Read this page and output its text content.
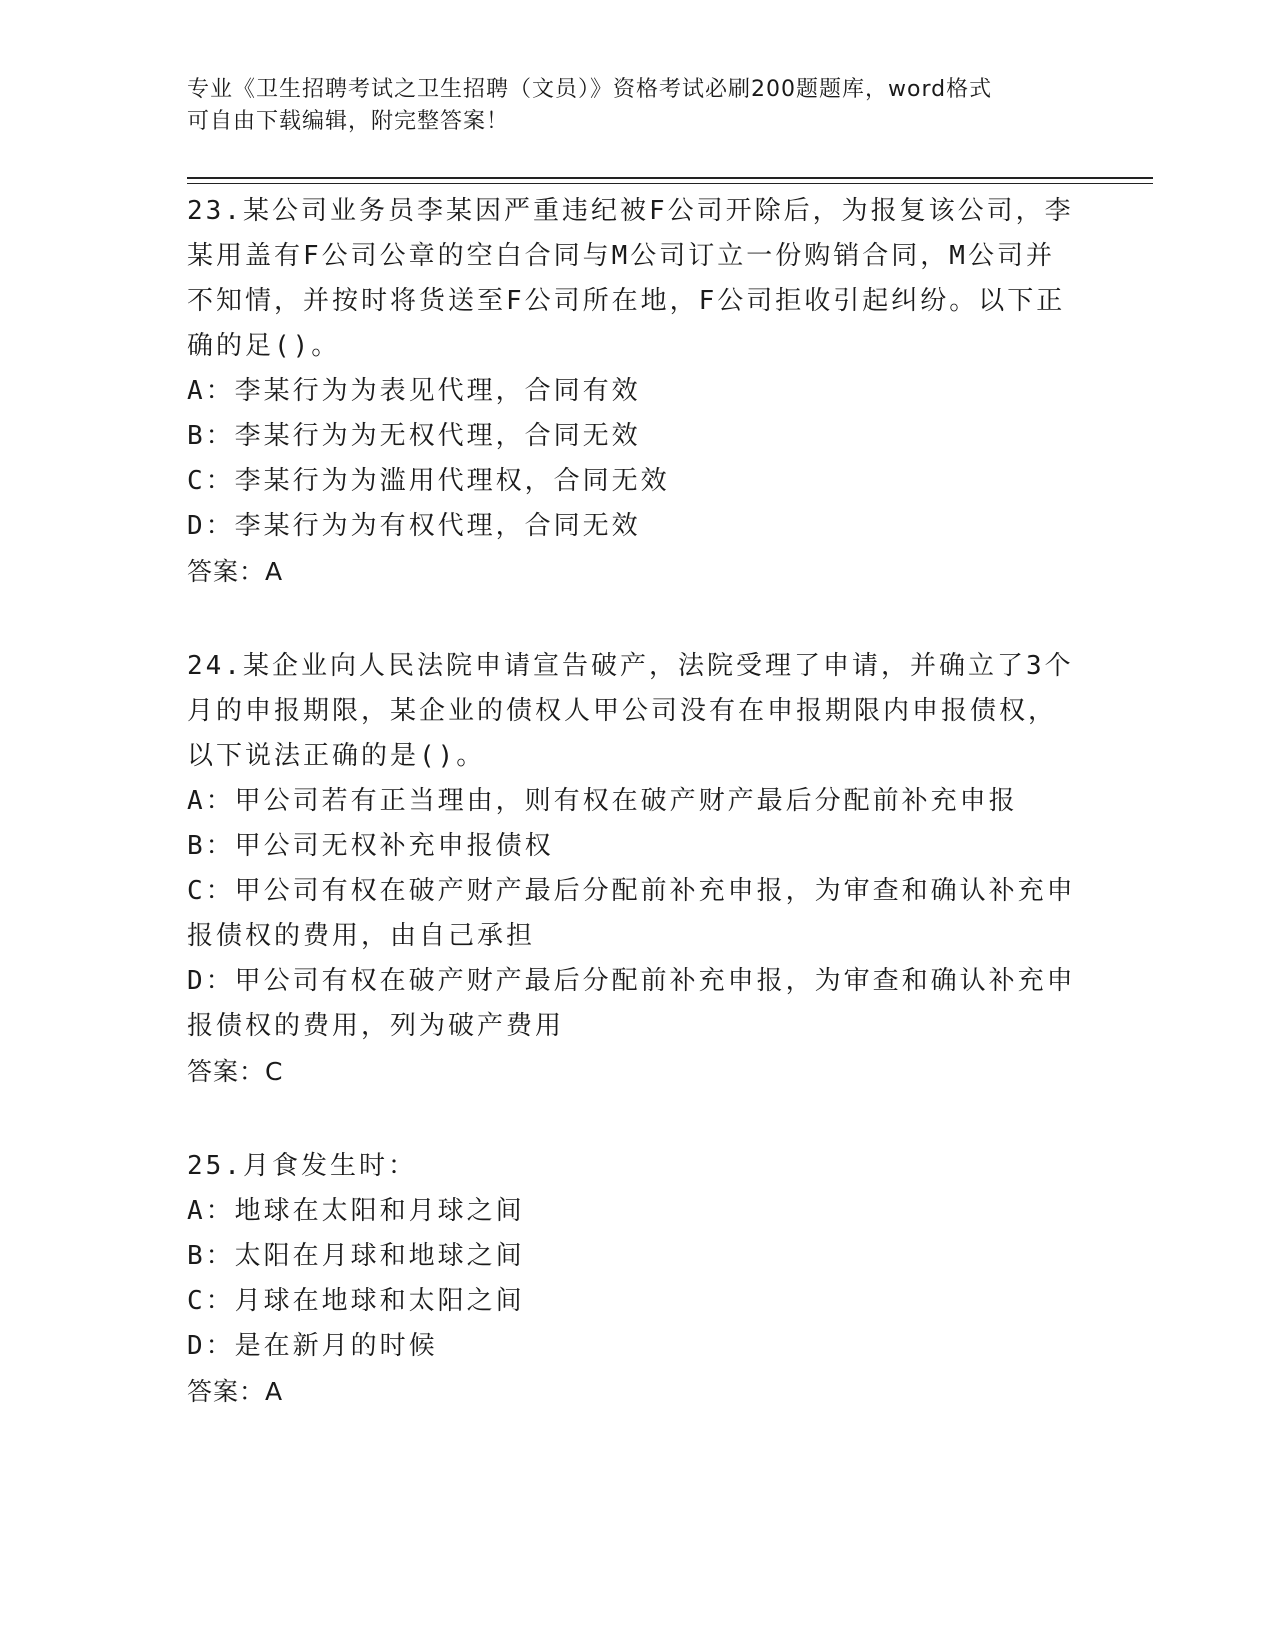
专业《卫生招聘考试之卫生招聘（文员）》资格考试必刷200题题库，word格式
可自由下载编辑，附完整答案！
23.某公司业务员李某因严重违纪被F公司开除后，为报复该公司，李
某用盖有F公司公章的空白合同与M公司订立一份购销合同，M公司并
不知情，并按时将货送至F公司所在地，F公司拒收引起纠纷。以下正
确的足()。
A：李某行为为表见代理，合同有效
B：李某行为为无权代理，合同无效
C：李某行为为滥用代理权，合同无效
D：李某行为为有权代理，合同无效
答案：A
24.某企业向人民法院申请宣告破产，法院受理了申请，并确立了3个
月的申报期限，某企业的债权人甲公司没有在申报期限内申报债权，
以下说法正确的是()。
A：甲公司若有正当理由，则有权在破产财产最后分配前补充申报
B：甲公司无权补充申报债权
C：甲公司有权在破产财产最后分配前补充申报，为审查和确认补充申
报债权的费用，由自己承担
D：甲公司有权在破产财产最后分配前补充申报，为审查和确认补充申
报债权的费用，列为破产费用
答案：C
25.月食发生时：
A：地球在太阳和月球之间
B：太阳在月球和地球之间
C：月球在地球和太阳之间
D：是在新月的时候
答案：A
